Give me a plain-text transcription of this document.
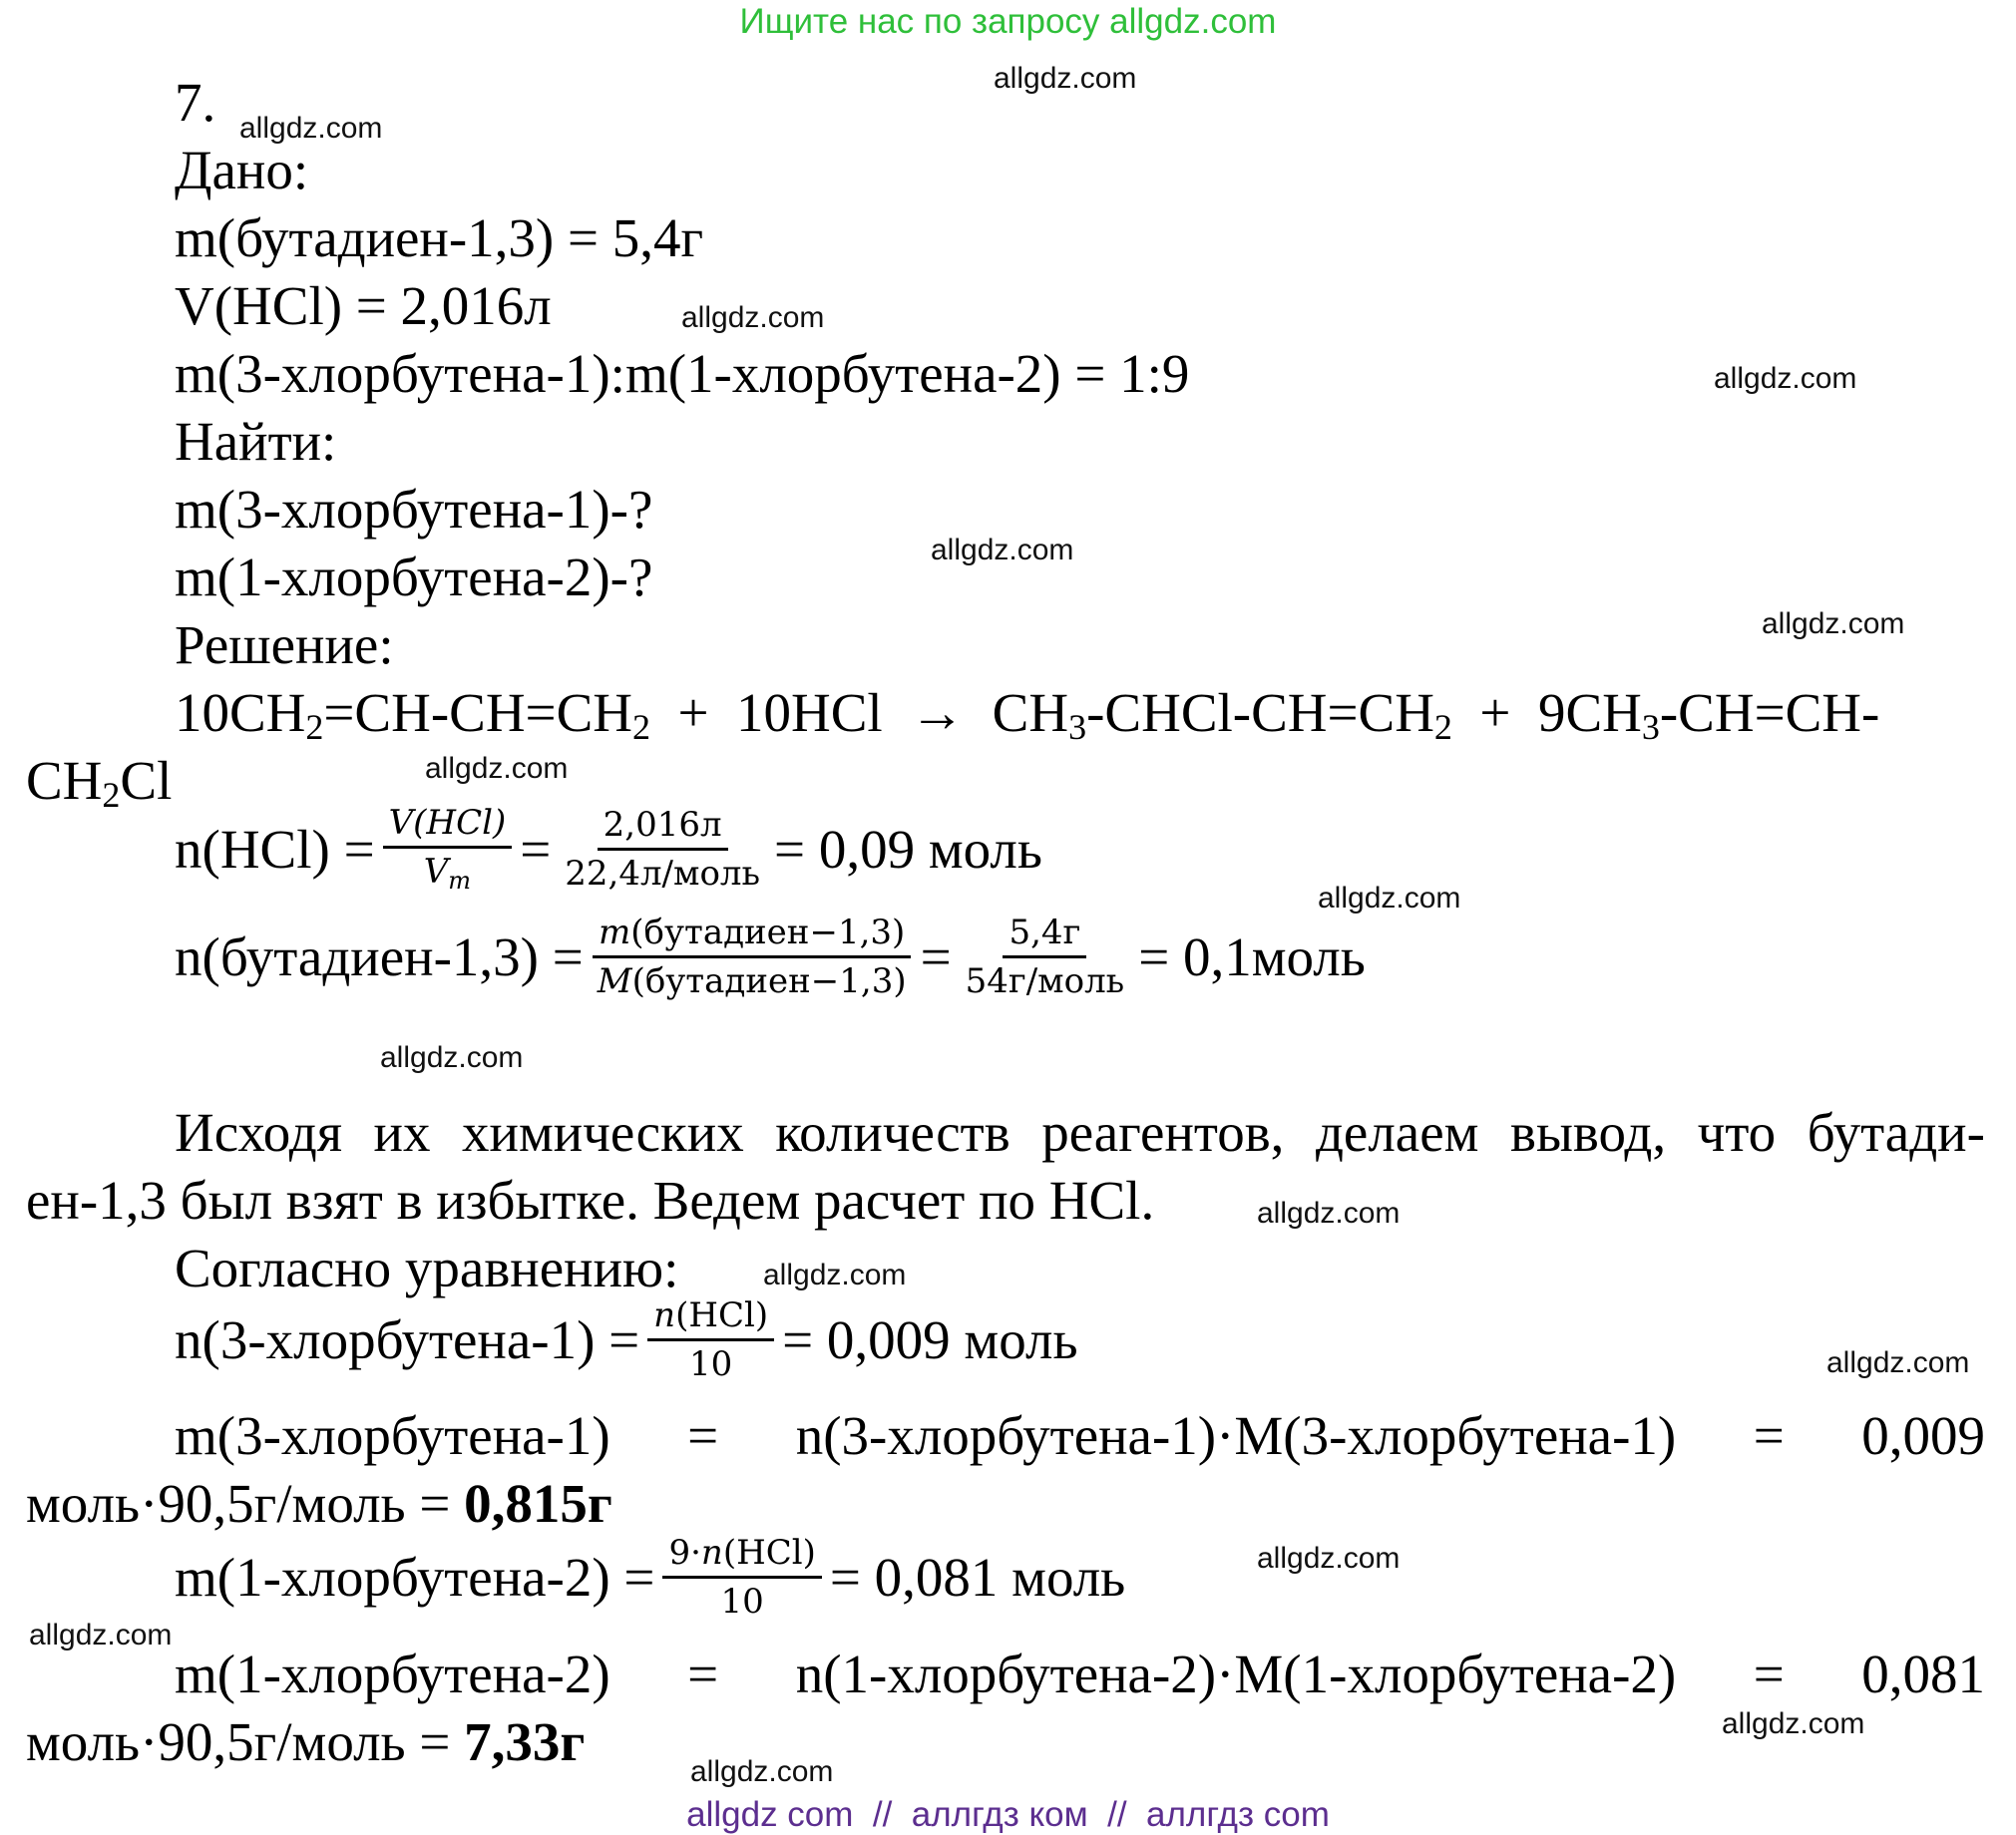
Ищите нас по запросу allgdz.com
allgdz.com
allgdz.com
allgdz.com
allgdz.com
allgdz.com
allgdz.com
allgdz.com
allgdz.com
allgdz.com
allgdz.com
allgdz.com
allgdz.com
allgdz.com
allgdz.com
allgdz.com
allgdz.com
7.
Дано:
m(бутадиен-1,3) = 5,4г
V(HCl) = 2,016л
m(3-хлорбутена-1):m(1-хлорбутена-2) = 1:9
Найти:
m(3-хлорбутена-1)-?
m(1-хлорбутена-2)-?
Решение:
$10CH_2=CH-CH=CH_2 + 10HCl$  →  $CH_3-CHCl-CH=CH_2 + 9CH_3-CH=CH-$
$CH_2Cl$
$n(HCl) = \frac{\text{V(HCl)}}{V_m} = \frac{2,016л}{\text{22,4л/моль}} = 0,09$ моль
n(бутадиен-1,3) = $\frac{\text{m(бутадиен−1,3)}}{\text{M(бутадиен−1,3)}} = \frac{5,4г}{\text{54г/моль}}$ = 0,1моль
Исходя их химических количеств реагентов, делаем вывод, что бутади-
ен-1,3 был взят в избытке. Ведем расчет по HCl.
Согласно уравнению:
n(3-хлорбутена-1) = $\frac{\text{n(HCl)}}{10} = 0,009$ моль
m(3-хлорбутена-1) = n(3-хлорбутена-1)·M(3-хлорбутена-1) = 0,009
моль·90,5г/моль = 0,815г
m(1-хлорбутена-2) = $\frac{\text{9·n(HCl)}}{10} = 0,081$ моль
m(1-хлорбутена-2) = n(1-хлорбутена-2)·M(1-хлорбутена-2) = 0,081
моль·90,5г/моль = 7,33г
allgdz com  //  аллгдз ком  //  аллгдз com
